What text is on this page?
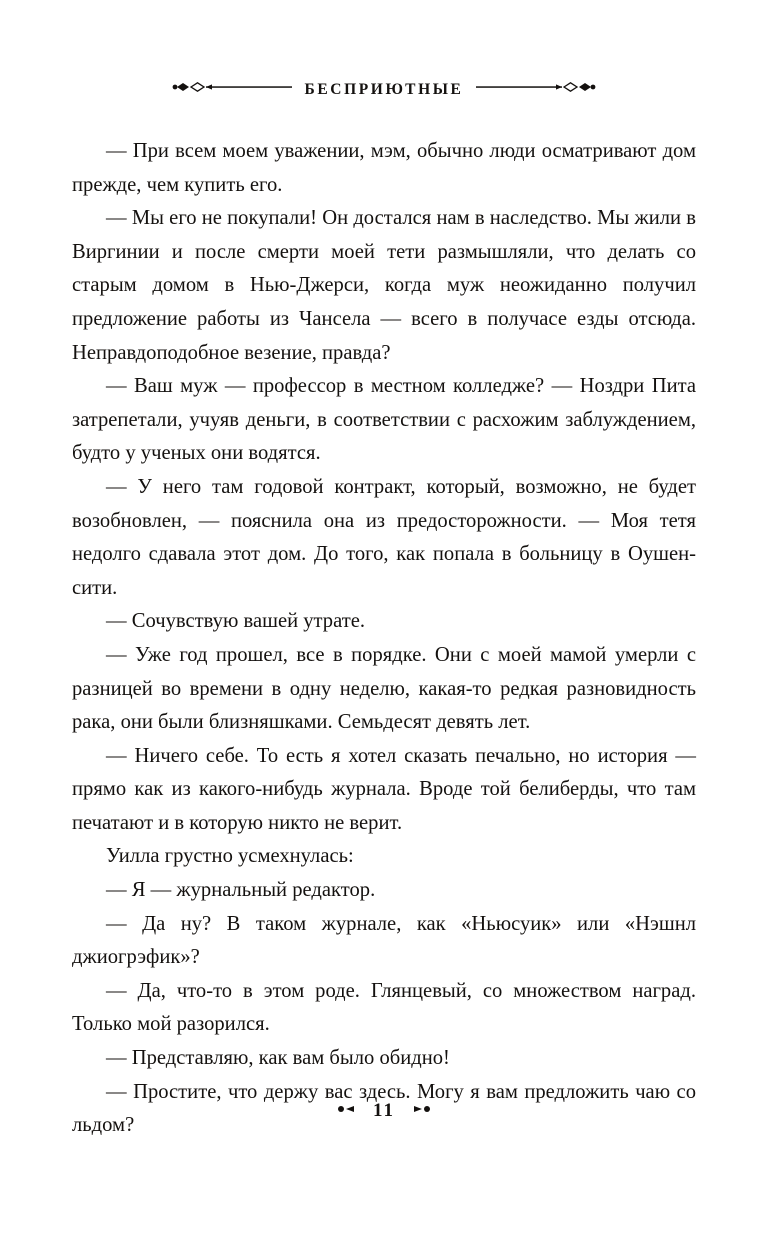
БЕСПРИЮТНЫЕ

— При всем моем уважении, мэм, обычно люди осматривают дом прежде, чем купить его.

— Мы его не покупали! Он достался нам в наследство. Мы жили в Виргинии и после смерти моей тети размышляли, что делать со старым домом в Нью-Джерси, когда муж неожиданно получил предложение работы из Чансела — всего в получасе езды отсюда. Неправдоподобное везение, правда?

— Ваш муж — профессор в местном колледже? — Ноздри Пита затрепетали, учуяв деньги, в соответствии с расхожим заблуждением, будто у ученых они водятся.

— У него там годовой контракт, который, возможно, не будет возобновлен, — пояснила она из предосторожности. — Моя тетя недолго сдавала этот дом. До того, как попала в больницу в Оушен-сити.

— Сочувствую вашей утрате.

— Уже год прошел, все в порядке. Они с моей мамой умерли с разницей во времени в одну неделю, какая-то редкая разновидность рака, они были близняшками. Семьдесят девять лет.

— Ничего себе. То есть я хотел сказать печально, но история — прямо как из какого-нибудь журнала. Вроде той белиберды, что там печатают и в которую никто не верит.

Уилла грустно усмехнулась:

— Я — журнальный редактор.

— Да ну? В таком журнале, как «Ньюсуик» или «Нэшнл джиогрэфик»?

— Да, что-то в этом роде. Глянцевый, со множеством наград. Только мой разорился.

— Представляю, как вам было обидно!

— Простите, что держу вас здесь. Могу я вам предложить чаю со льдом?

11
